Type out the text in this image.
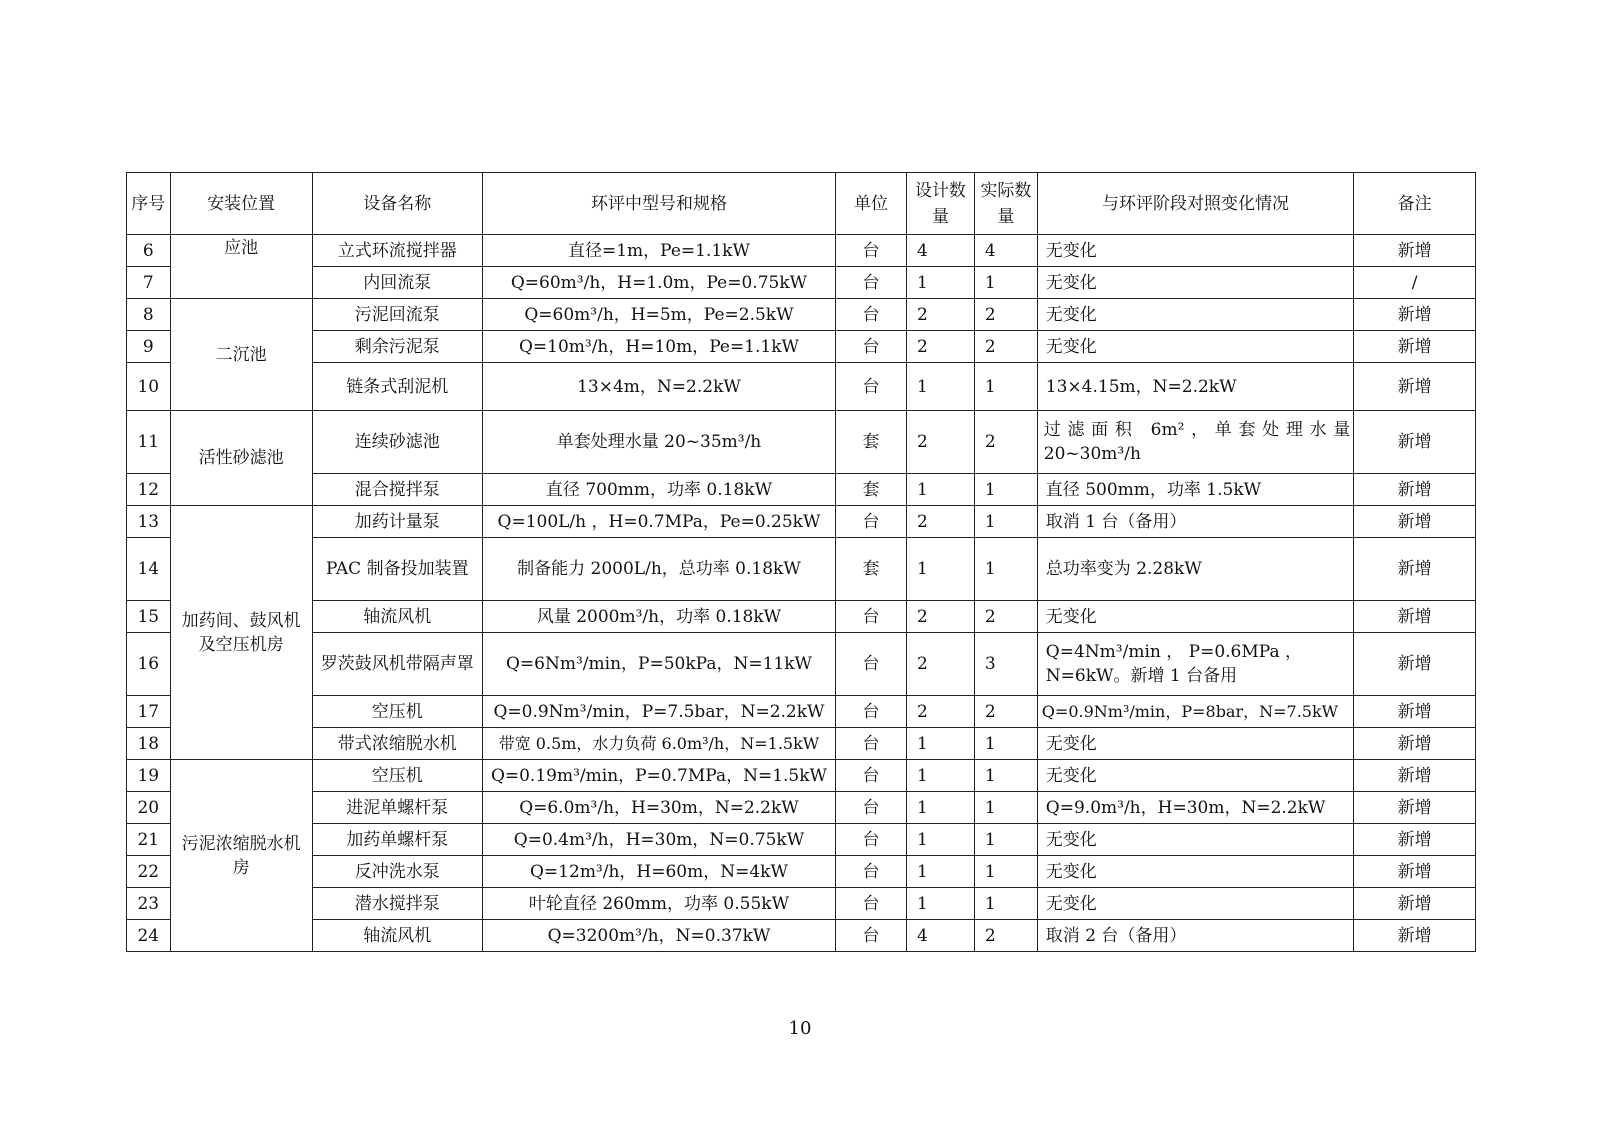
序号	安装位置	设备名称	环评中型号和规格	单位	设计数量	实际数量	与环评阶段对照变化情况	备注
6	应池	立式环流搅拌器	直径=1m，Pe=1.1kW	台	4	4	无变化	新增
7		内回流泵	Q=60m³/h，H=1.0m，Pe=0.75kW	台	1	1	无变化	/
8	二沉池	污泥回流泵	Q=60m³/h，H=5m，Pe=2.5kW	台	2	2	无变化	新增
9		剩余污泥泵	Q=10m³/h，H=10m，Pe=1.1kW	台	2	2	无变化	新增
10		链条式刮泥机	13×4m，N=2.2kW	台	1	1	13×4.15m，N=2.2kW	新增
11	活性砂滤池	连续砂滤池	单套处理水量 20~35m³/h	套	2	2	过滤面积 6m²，单套处理水量 20~30m³/h	新增
12		混合搅拌泵	直径 700mm，功率 0.18kW	套	1	1	直径 500mm，功率 1.5kW	新增
13	加药间、鼓风机及空压机房	加药计量泵	Q=100L/h ，H=0.7MPa，Pe=0.25kW	台	2	1	取消 1 台（备用）	新增
14		PAC 制备投加装置	制备能力 2000L/h，总功率 0.18kW	套	1	1	总功率变为 2.28kW	新增
15		轴流风机	风量 2000m³/h，功率 0.18kW	台	2	2	无变化	新增
16		罗茨鼓风机带隔声罩	Q=6Nm³/min，P=50kPa，N=11kW	台	2	3	Q=4Nm³/min ， P=0.6MPa ，N=6kW。新增 1 台备用	新增
17		空压机	Q=0.9Nm³/min，P=7.5bar，N=2.2kW	台	2	2	Q=0.9Nm³/min，P=8bar，N=7.5kW	新增
18		带式浓缩脱水机	带宽 0.5m，水力负荷 6.0m³/h，N=1.5kW	台	1	1	无变化	新增
19	污泥浓缩脱水机房	空压机	Q=0.19m³/min，P=0.7MPa，N=1.5kW	台	1	1	无变化	新增
20		进泥单螺杆泵	Q=6.0m³/h，H=30m，N=2.2kW	台	1	1	Q=9.0m³/h，H=30m，N=2.2kW	新增
21		加药单螺杆泵	Q=0.4m³/h，H=30m，N=0.75kW	台	1	1	无变化	新增
22		反冲洗水泵	Q=12m³/h，H=60m，N=4kW	台	1	1	无变化	新增
23		潜水搅拌泵	叶轮直径 260mm，功率 0.55kW	台	1	1	无变化	新增
24		轴流风机	Q=3200m³/h，N=0.37kW	台	4	2	取消 2 台（备用）	新增
10
